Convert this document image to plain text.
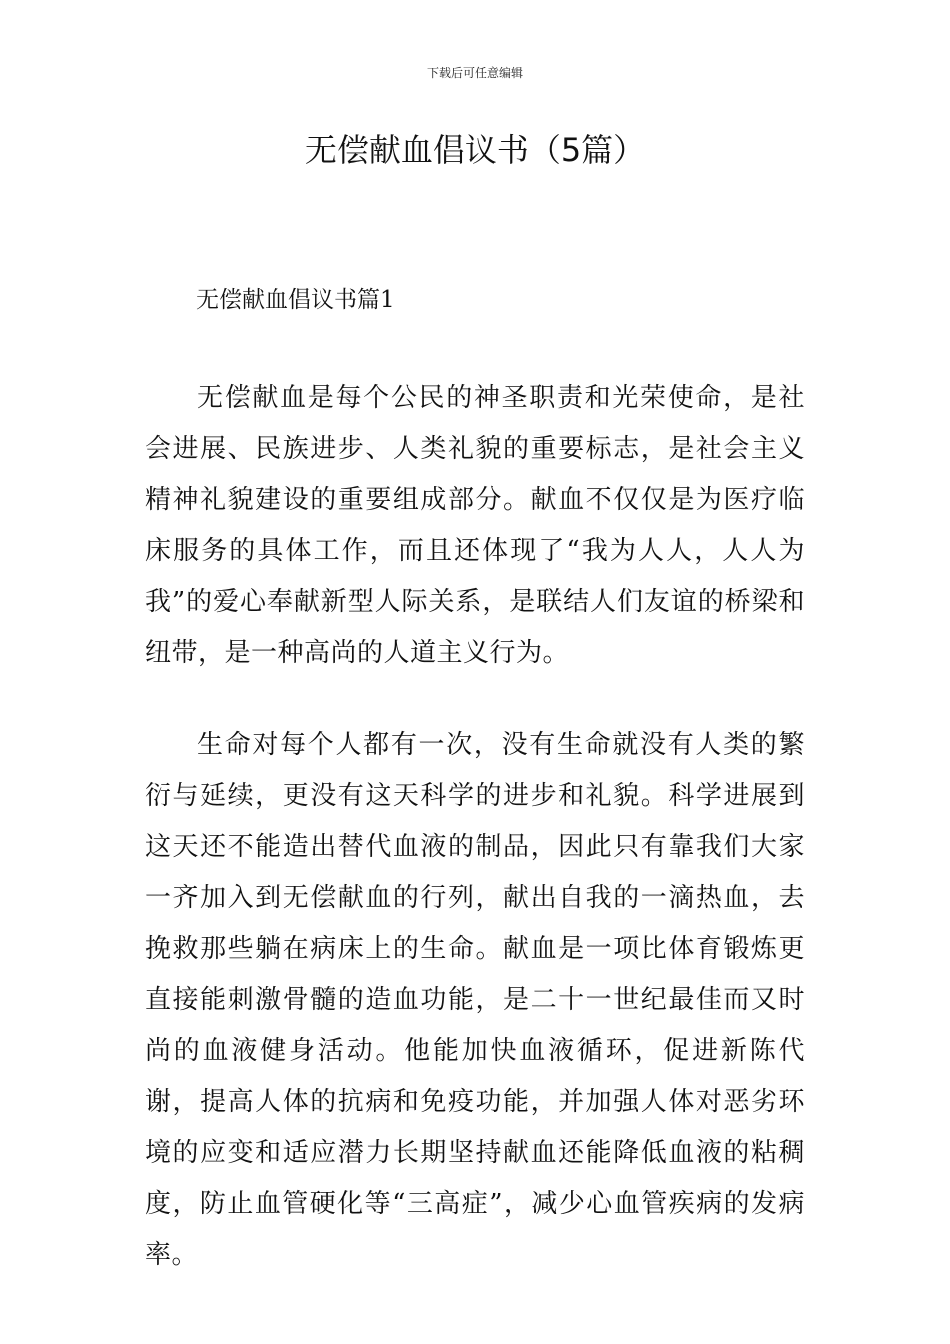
下载后可任意编辑
无偿献血倡议书（5篇）
无偿献血倡议书篇1

无偿献血是每个公民的神圣职责和光荣使命，是社会进展、民族进步、人类礼貌的重要标志，是社会主义精神礼貌建设的重要组成部分。献血不仅仅是为医疗临床服务的具体工作，而且还体现了“我为人人，人人为我”的爱心奉献新型人际关系，是联结人们友谊的桥梁和纽带，是一种高尚的人道主义行为。

生命对每个人都有一次，没有生命就没有人类的繁衍与延续，更没有这天科学的进步和礼貌。科学进展到这天还不能造出替代血液的制品，因此只有靠我们大家一齐加入到无偿献血的行列，献出自我的一滴热血，去挽救那些躺在病床上的生命。献血是一项比体育锻炼更直接能刺激骨髓的造血功能，是二十一世纪最佳而又时尚的血液健身活动。他能加快血液循环，促进新陈代谢，提高人体的抗病和免疫功能，并加强人体对恶劣环境的应变和适应潜力长期坚持献血还能降低血液的粘稠度，防止血管硬化等“三高症”，减少心血管疾病的发病率。
